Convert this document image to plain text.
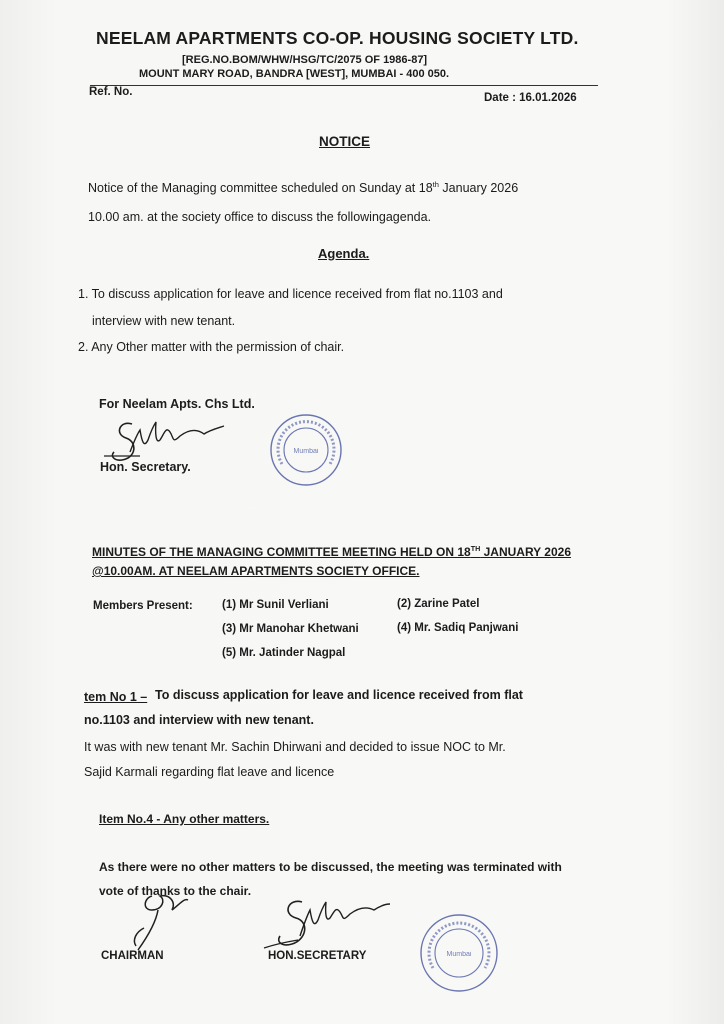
NEELAM APARTMENTS CO-OP. HOUSING SOCIETY LTD.
[REG.NO.BOM/WHW/HSG/TC/2075 OF 1986-87]
MOUNT MARY ROAD, BANDRA [WEST], MUMBAI - 400 050.
Ref. No.	Date : 16.01.2026
NOTICE
Notice of the Managing committee scheduled on Sunday at 18th January 2026
10.00 am. at the society office to discuss the followingagenda.
Agenda.
1. To discuss application for leave and licence received from flat no.1103 and
interview with new tenant.
2. Any Other matter with the permission of chair.
For Neelam Apts. Chs Ltd.
Hon. Secretary.
Mumbai
MINUTES OF THE MANAGING COMMITTEE MEETING HELD ON 18TH JANUARY 2026
@10.00AM. AT NEELAM APARTMENTS SOCIETY OFFICE.
Members Present:	(1) Mr Sunil Verliani	(2) Zarine Patel
(3) Mr Manohar Khetwani	(4) Mr. Sadiq Panjwani
(5) Mr. Jatinder Nagpal
tem No 1 – To discuss application for leave and licence received from flat
no.1103 and interview with new tenant.
It was with new tenant Mr. Sachin Dhirwani and decided to issue NOC to Mr.
Sajid Karmali regarding flat leave and licence
Item No.4 - Any other matters.
As there were no other matters to be discussed, the meeting was terminated with
vote of thanks to the chair.
CHAIRMAN	HON.SECRETARY	Mumbai
